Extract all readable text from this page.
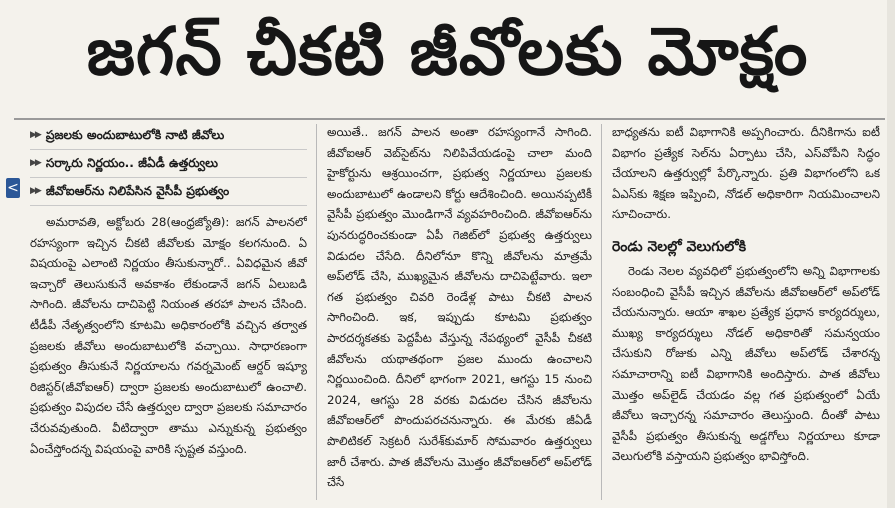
జగన్ చీకటి జీవోలకు మోక్షం
<
▶▶ ప్రజలకు అందుబాటులోకి నాటి జీవోలు
▶▶ సర్కారు నిర్ణయం.. జీఏడీ ఉత్తర్వులు
▶▶ జీవోఐఆర్‌ను నిలిపేసిన వైసీపీ ప్రభుత్వం

అమరావతి, అక్టోబరు 28(ఆంధ్రజ్యోతి): జగన్ పాలనలో రహస్యంగా ఇచ్చిన చీకటి జీవోలకు మోక్షం కలగనుంది. ఏ విషయంపై ఎలాంటి నిర్ణయం తీసుకున్నారో.. ఏవిధమైన జీవో ఇచ్చారో తెలుసుకునే అవకాశం లేకుండానే జగన్ ఏలుబడి సాగింది. జీవోలను దాచిపెట్టి నియంత తరహా పాలన చేసింది. టీడీపీ నేతృత్వంలోని కూటమి అధికారంలోకి వచ్చిన తర్వాత ప్రజలకు జీవోలు అందుబాటులోకి వచ్చాయి. సాధారణంగా ప్రభుత్వం తీసుకునే నిర్ణయాలను గవర్నమెంట్ ఆర్డర్ ఇష్యూ రిజిస్టర్(జీవోఐఆర్) ద్వారా ప్రజలకు అందుబాటులో ఉంచాలి. ప్రభుత్వం విపుదల చేసే ఉత్తర్వుల ద్వారా ప్రజలకు సమాచారం చేరువవుతుంది. వీటిద్వారా తాము ఎన్నుకున్న ప్రభుత్వం ఏంచేస్తోందన్న విషయంపై వారికి స్పష్టత వస్తుంది.

అయితే.. జగన్ పాలన అంతా రహస్యంగానే సాగింది. జీవోఐఆర్ వెబ్‌సైట్‌ను నిలిపివేయడంపై చాలా మంది హైకోర్టును ఆశ్రయించగా, ప్రభుత్వ నిర్ణయాలు ప్రజలకు అందుబాటులో ఉండాలని కోర్టు ఆదేశించింది. అయినప్పటికీ వైసీపీ ప్రభుత్వం మొండిగానే వ్యవహరించింది. జీవోఐఆర్‌ను పునరుద్ధరించకుండా ఏపీ గెజిట్‌లో ప్రభుత్వ ఉత్తర్వులు విడుదల చేసేది. దీనిలోనూ కొన్ని జీవోలను మాత్రమే అప్‌లోడ్ చేసి, ముఖ్యమైన జీవోలను దాచిపెట్టేవారు. ఇలా గత ప్రభుత్వం చివరి రెండేళ్ల పాటు చీకటి పాలన సాగించింది. ఇక, ఇప్పుడు కూటమి ప్రభుత్వం పారదర్శకతకు పెద్దపీట వేస్తున్న నేపథ్యంలో వైసీపీ చీకటి జీవోలను యథాతథంగా ప్రజల ముందు ఉంచాలని నిర్ణయించింది. దీనిలో భాగంగా 2021, ఆగస్టు 15 నుంచి 2024, ఆగస్టు 28 వరకు విడుదల చేసిన జీవోలను జీవోఐఆర్‌లో పొందుపరచనున్నారు. ఈ మేరకు జీఏడీ పొలిటికల్ సెక్రటరీ సురేశ్‌కుమార్ సోమవారం ఉత్తర్వులు జారీ చేశారు. పాత జీవోలను మొత్తం జీవోఐఆర్‌లో అప్‌లోడ్ చేసే

బాధ్యతను ఐటీ విభాగానికి అప్పగించారు. దీనికిగాను ఐటీ విభాగం ప్రత్యేక సెల్‌ను ఏర్పాటు చేసి, ఎస్‌వోపీని సిద్ధం చేయాలని ఉత్తర్వుల్లో పేర్కొన్నారు. ప్రతి విభాగంలోని ఒక ఏఎస్‌కు శిక్షణ ఇప్పించి, నోడల్ అధికారిగా నియమించాలని సూచించారు.

రెండు నెలల్లో వెలుగులోకి

రెండు నెలల వ్యవధిలో ప్రభుత్వంలోని అన్ని విభాగాలకు సంబంధించి వైసీపీ ఇచ్చిన జీవోలను జీవోఐఆర్‌లో అప్‌లోడ్ చేయనున్నారు. ఆయా శాఖల ప్రత్యేక ప్రధాన కార్యదర్శులు, ముఖ్య కార్యదర్శులు నోడల్ అధికారితో సమన్వయం చేసుకుని రోజుకు ఎన్ని జీవోలు అప్‌లోడ్ చేశారన్న సమాచారాన్ని ఐటీ విభాగానికి అందిస్తారు. పాత జీవోలు మొత్తం అప్‌లైడ్ చేయడం వల్ల గత ప్రభుత్వంలో ఏయే జీవోలు ఇచ్చారన్న సమాచారం తెలుస్తుంది. దీంతో పాటు వైసీపీ ప్రభుత్వం తీసుకున్న అడ్డగోలు నిర్ణయాలు కూడా వెలుగులోకి వస్తాయని ప్రభుత్వం భావిస్తోంది.
